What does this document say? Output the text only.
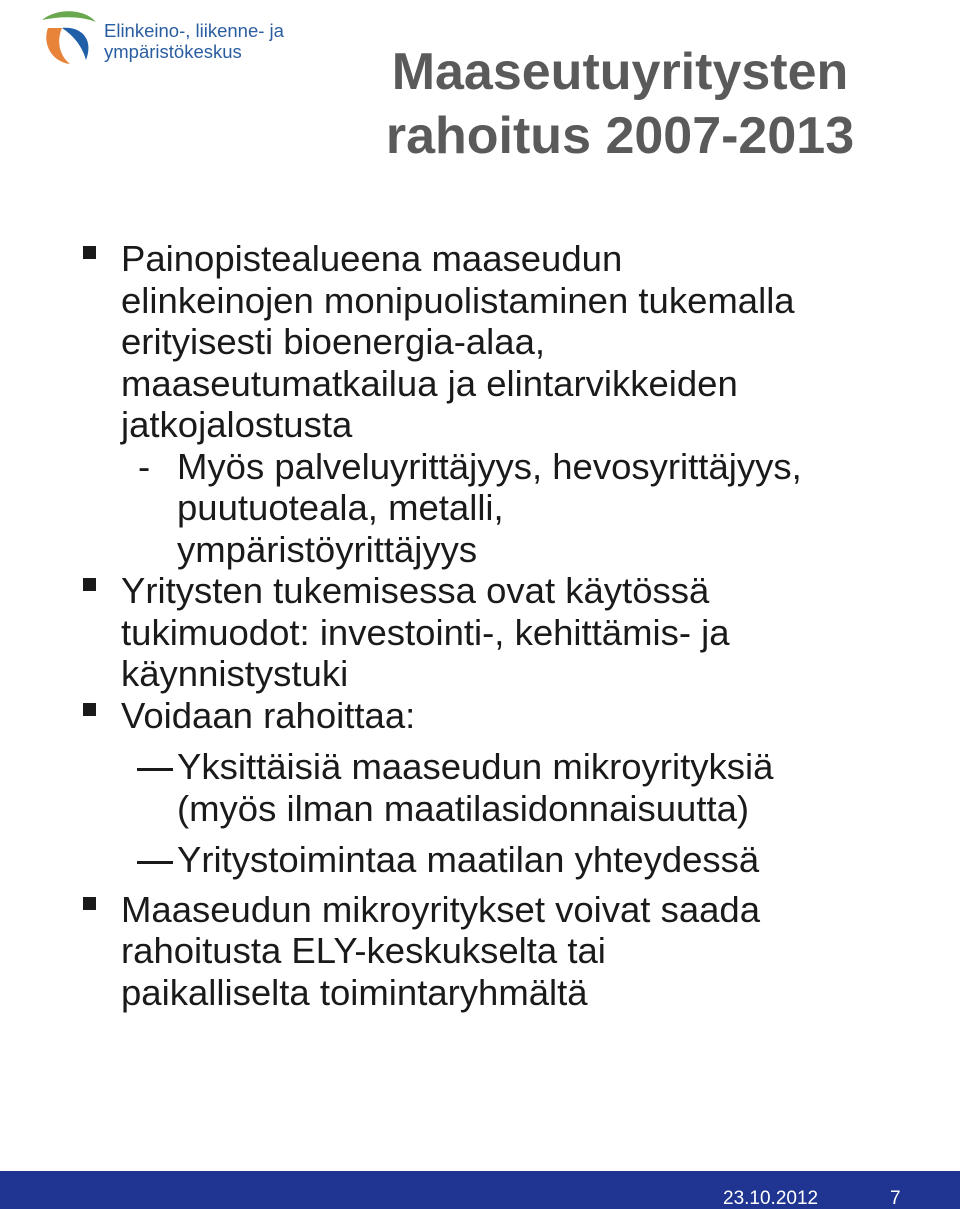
Elinkeino-, liikenne- ja
ympäristökeskus	Maaseutuyritysten
rahoitus 2007-2013
Painopistealueena maaseudun
elinkeinojen monipuolistaminen tukemalla
erityisesti bioenergia-alaa,
maaseutumatkailua ja elintarvikkeiden
jatkojalostusta
- Myös palveluyrittäjyys, hevosyrittäjyys,
puutuoteala, metalli,
ympäristöyrittäjyys
Yritysten tukemisessa ovat käytössä
tukimuodot: investointi-, kehittämis- ja
käynnistystuki
Voidaan rahoittaa:
Yksittäisiä maaseudun mikroyrityksiä
(myös ilman maatilasidonnaisuutta)
Yritystoimintaa maatilan yhteydessä
Maaseudun mikroyritykset voivat saada
rahoitusta ELY-keskukselta tai
paikalliselta toimintaryhmältä
23.10.2012	7
